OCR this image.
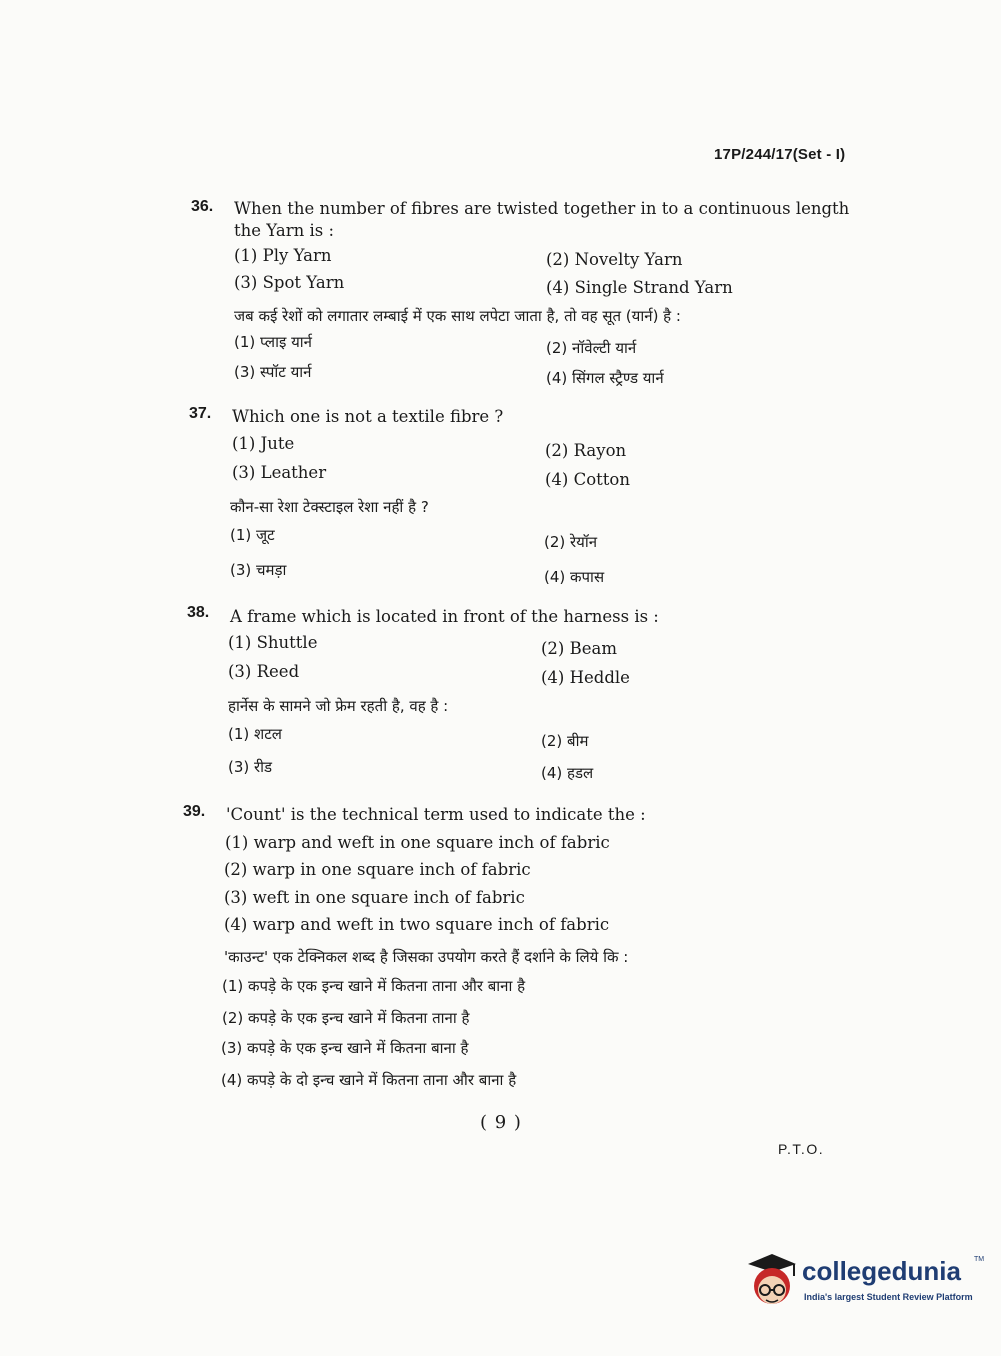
17P/244/17(Set - I)
36. When the number of fibres are twisted together in to a continuous length the Yarn is :
(1) Ply Yarn	(2) Novelty Yarn
(3) Spot Yarn	(4) Single Strand Yarn
जब कई रेशों को लगातार लम्बाई में एक साथ लपेटा जाता है, तो वह सूत (यार्न) है :
(1) प्लाइ यार्न	(2) नॉवेल्टी यार्न
(3) स्पॉट यार्न	(4) सिंगल स्ट्रैण्ड यार्न
37. Which one is not a textile fibre ?
(1) Jute	(2) Rayon
(3) Leather	(4) Cotton
कौन-सा रेशा टेक्स्टाइल रेशा नहीं है ?
(1) जूट	(2) रेयॉन
(3) चमड़ा	(4) कपास
38. A frame which is located in front of the harness is :
(1) Shuttle	(2) Beam
(3) Reed	(4) Heddle
हार्नेस के सामने जो फ्रेम रहती है, वह है :
(1) शटल	(2) बीम
(3) रीड	(4) हडल
39. 'Count' is the technical term used to indicate the :
(1) warp and weft in one square inch of fabric
(2) warp in one square inch of fabric
(3) weft in one square inch of fabric
(4) warp and weft in two square inch of fabric
'काउन्ट' एक टेक्निकल शब्द है जिसका उपयोग करते हैं दर्शाने के लिये कि :
(1) कपड़े के एक इन्च खाने में कितना ताना और बाना है
(2) कपड़े के एक इन्च खाने में कितना ताना है
(3) कपड़े के एक इन्च खाने में कितना बाना है
(4) कपड़े के दो इन्च खाने में कितना ताना और बाना है
( 9 )
P.T.O.
collegedunia TM
India's largest Student Review Platform
